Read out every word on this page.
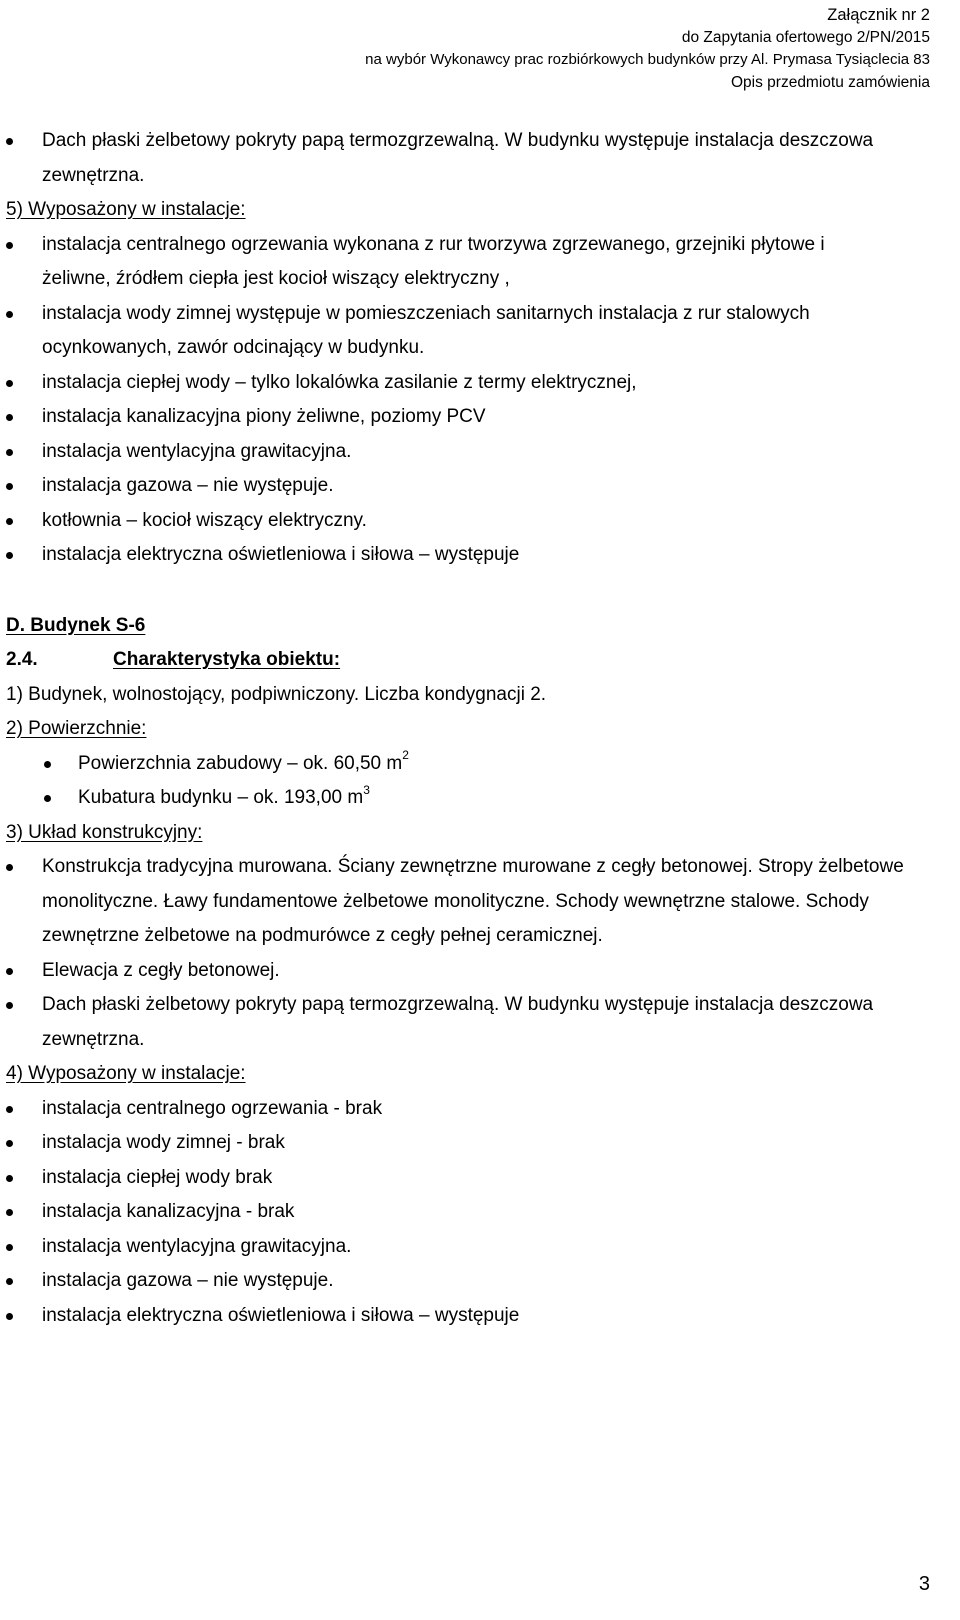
Załącznik nr 2
do Zapytania ofertowego 2/PN/2015
na wybór Wykonawcy prac rozbiórkowych budynków przy Al. Prymasa Tysiąclecia 83
Opis przedmiotu zamówienia
Dach płaski żelbetowy pokryty papą termozgrzewalną. W budynku występuje instalacja deszczowa zewnętrzna.
5) Wyposażony w instalacje:
instalacja centralnego ogrzewania wykonana z rur tworzywa zgrzewanego, grzejniki płytowe i żeliwne, źródłem ciepła jest kocioł wiszący elektryczny ,
instalacja wody zimnej występuje w pomieszczeniach sanitarnych instalacja z rur stalowych ocynkowanych, zawór odcinający w budynku.
instalacja ciepłej wody – tylko lokalówka zasilanie z termy elektrycznej,
instalacja kanalizacyjna piony żeliwne, poziomy PCV
instalacja wentylacyjna grawitacyjna.
instalacja gazowa – nie występuje.
kotłownia – kocioł wiszący elektryczny.
instalacja elektryczna oświetleniowa i siłowa – występuje
D. Budynek S-6
2.4.	Charakterystyka obiektu:
1) Budynek, wolnostojący, podpiwniczony. Liczba kondygnacji 2.
2) Powierzchnie:
Powierzchnia zabudowy – ok. 60,50 $m^2$
Kubatura budynku – ok. 193,00 $m^3$
3) Układ konstrukcyjny:
Konstrukcja tradycyjna murowana. Ściany zewnętrzne murowane z cegły betonowej. Stropy żelbetowe monolityczne. Ławy fundamentowe żelbetowe monolityczne. Schody wewnętrzne stalowe. Schody zewnętrzne żelbetowe na podmurówce z cegły pełnej ceramicznej.
Elewacja z cegły betonowej.
Dach płaski żelbetowy pokryty papą termozgrzewalną. W budynku występuje instalacja deszczowa zewnętrzna.
4) Wyposażony w instalacje:
instalacja centralnego ogrzewania - brak
instalacja wody zimnej - brak
instalacja ciepłej wody brak
instalacja kanalizacyjna - brak
instalacja wentylacyjna grawitacyjna.
instalacja gazowa – nie występuje.
instalacja elektryczna oświetleniowa i siłowa – występuje
3
